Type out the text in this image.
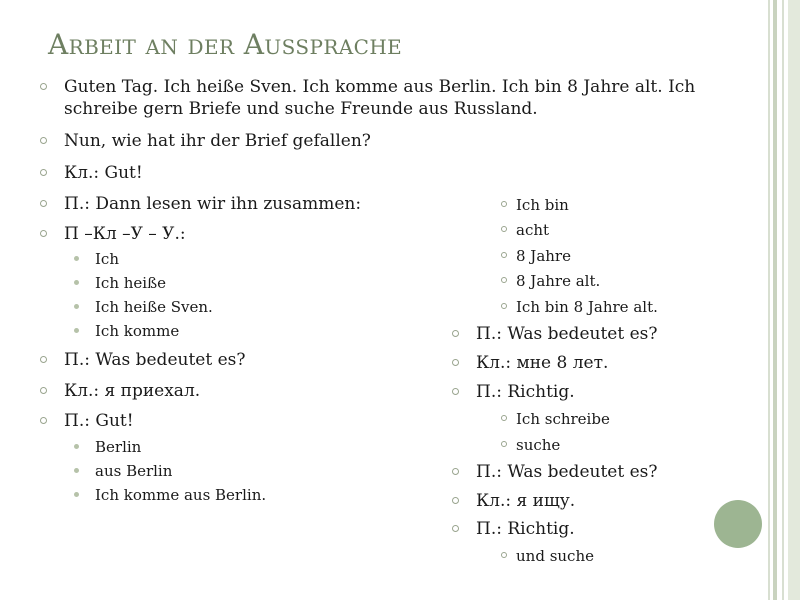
Arbeit an der Aussprache
Guten Tag. Ich heiße Sven. Ich komme aus Berlin. Ich bin 8 Jahre alt. Ich schreibe gern Briefe und suche Freunde aus Russland.
Nun, wie hat ihr der Brief gefallen?
Кл.: Gut!
П.: Dann lesen wir ihn zusammen:
П –Кл –У – У.:
Ich
Ich heiße
Ich heiße Sven.
Ich komme
П.: Was bedeutet es?
Кл.: я приехал.
П.: Gut!
Berlin
aus Berlin
Ich komme aus Berlin.
Ich bin
acht
8 Jahre
8 Jahre alt.
Ich bin 8 Jahre alt.
П.: Was bedeutet es?
Кл.: мне 8 лет.
П.: Richtig.
Ich schreibe
suche
П.: Was bedeutet es?
Кл.: я ищу.
П.: Richtig.
und suche
